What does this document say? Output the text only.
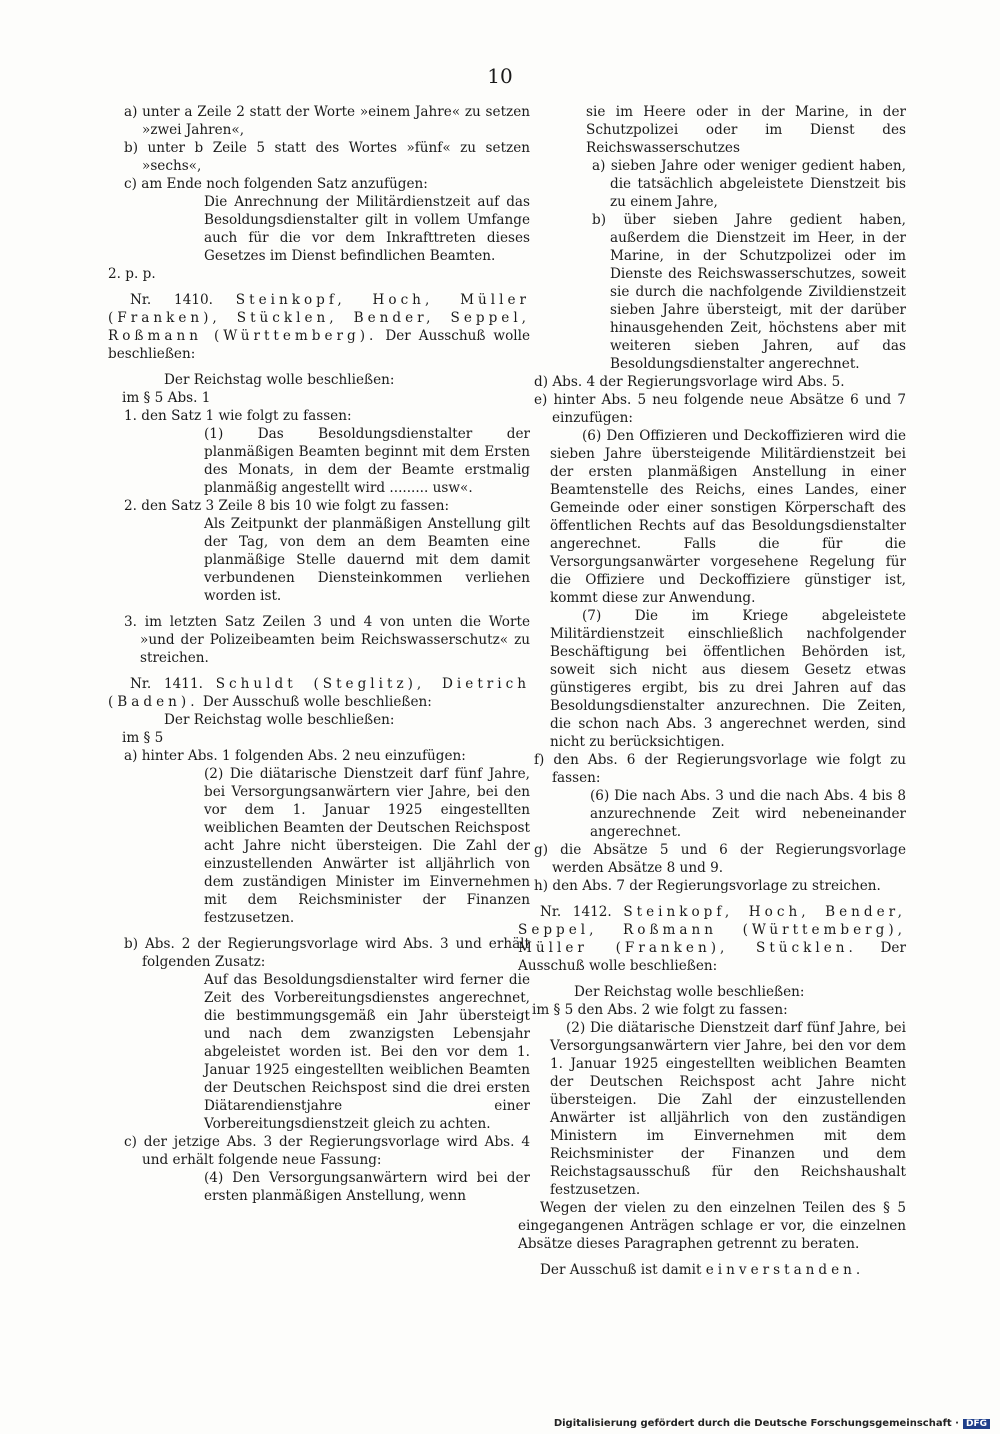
10

a) unter a Zeile 2 statt der Worte »einem Jahre« zu setzen »zwei Jahren«,

b) unter b Zeile 5 statt des Wortes »fünf« zu setzen »sechs«,

c) am Ende noch folgenden Satz anzufügen:

Die Anrechnung der Militärdienstzeit auf das Besoldungsdienstalter gilt in vollem Umfange auch für die vor dem Inkrafttreten dieses Gesetzes im Dienst befindlichen Beamten.

2. p. p.

Nr. 1410. Steinkopf, Hoch, Müller (Franken), Stücklen, Bender, Seppel, Roßmann (Württemberg). Der Ausschuß wolle beschließen:

Der Reichstag wolle beschließen:

im § 5 Abs. 1

1. den Satz 1 wie folgt zu fassen:

(1) Das Besoldungsdienstalter der planmäßigen Beamten beginnt mit dem Ersten des Monats, in dem der Beamte erstmalig planmäßig angestellt wird ......... usw«.

2. den Satz 3 Zeile 8 bis 10 wie folgt zu fassen:

Als Zeitpunkt der planmäßigen Anstellung gilt der Tag, von dem an dem Beamten eine planmäßige Stelle dauernd mit dem damit verbundenen Diensteinkommen verliehen worden ist.

3. im letzten Satz Zeilen 3 und 4 von unten die Worte »und der Polizeibeamten beim Reichswasserschutz« zu streichen.

Nr. 1411. Schuldt (Steglitz), Dietrich (Baden). Der Ausschuß wolle beschließen:

Der Reichstag wolle beschließen:

im § 5

a) hinter Abs. 1 folgenden Abs. 2 neu einzufügen:

(2) Die diätarische Dienstzeit darf fünf Jahre, bei Versorgungsanwärtern vier Jahre, bei den vor dem 1. Januar 1925 eingestellten weiblichen Beamten der Deutschen Reichspost acht Jahre nicht übersteigen. Die Zahl der einzustellenden Anwärter ist alljährlich von dem zuständigen Minister im Einvernehmen mit dem Reichsminister der Finanzen festzusetzen.

b) Abs. 2 der Regierungsvorlage wird Abs. 3 und erhält folgenden Zusatz:

Auf das Besoldungsdienstalter wird ferner die Zeit des Vorbereitungsdienstes angerechnet, die bestimmungsgemäß ein Jahr übersteigt und nach dem zwanzigsten Lebensjahr abgeleistet worden ist. Bei den vor dem 1. Januar 1925 eingestellten weiblichen Beamten der Deutschen Reichspost sind die drei ersten Diätarendienstjahre einer Vorbereitungsdienstzeit gleich zu achten.

c) der jetzige Abs. 3 der Regierungsvorlage wird Abs. 4 und erhält folgende neue Fassung:

(4) Den Versorgungsanwärtern wird bei der ersten planmäßigen Anstellung, wenn

sie im Heere oder in der Marine, in der Schutzpolizei oder im Dienst des Reichswasserschutzes

a) sieben Jahre oder weniger gedient haben, die tatsächlich abgeleistete Dienstzeit bis zu einem Jahre,

b) über sieben Jahre gedient haben, außerdem die Dienstzeit im Heer, in der Marine, in der Schutzpolizei oder im Dienste des Reichswasserschutzes, soweit sie durch die nachfolgende Zivildienstzeit sieben Jahre übersteigt, mit der darüber hinausgehenden Zeit, höchstens aber mit weiteren sieben Jahren, auf das Besoldungsdienstalter angerechnet.

d) Abs. 4 der Regierungsvorlage wird Abs. 5.

e) hinter Abs. 5 neu folgende neue Absätze 6 und 7 einzufügen:

(6) Den Offizieren und Deckoffizieren wird die sieben Jahre übersteigende Militärdienstzeit bei der ersten planmäßigen Anstellung in einer Beamtenstelle des Reichs, eines Landes, einer Gemeinde oder einer sonstigen Körperschaft des öffentlichen Rechts auf das Besoldungsdienstalter angerechnet. Falls die für die Versorgungsanwärter vorgesehene Regelung für die Offiziere und Deckoffiziere günstiger ist, kommt diese zur Anwendung.

(7) Die im Kriege abgeleistete Militärdienstzeit einschließlich nachfolgender Beschäftigung bei öffentlichen Behörden ist, soweit sich nicht aus diesem Gesetz etwas günstigeres ergibt, bis zu drei Jahren auf das Besoldungsdienstalter anzurechnen. Die Zeiten, die schon nach Abs. 3 angerechnet werden, sind nicht zu berücksichtigen.

f) den Abs. 6 der Regierungsvorlage wie folgt zu fassen:

(6) Die nach Abs. 3 und die nach Abs. 4 bis 8 anzurechnende Zeit wird nebeneinander angerechnet.

g) die Absätze 5 und 6 der Regierungsvorlage werden Absätze 8 und 9.

h) den Abs. 7 der Regierungsvorlage zu streichen.

Nr. 1412. Steinkopf, Hoch, Bender, Seppel, Roßmann (Württemberg), Müller (Franken), Stücklen. Der Ausschuß wolle beschließen:

Der Reichstag wolle beschließen:

im § 5 den Abs. 2 wie folgt zu fassen:

(2) Die diätarische Dienstzeit darf fünf Jahre, bei Versorgungsanwärtern vier Jahre, bei den vor dem 1. Januar 1925 eingestellten weiblichen Beamten der Deutschen Reichspost acht Jahre nicht übersteigen. Die Zahl der einzustellenden Anwärter ist alljährlich von den zuständigen Ministern im Einvernehmen mit dem Reichsminister der Finanzen und dem Reichstagsausschuß für den Reichshaushalt festzusetzen.

Wegen der vielen zu den einzelnen Teilen des § 5 eingegangenen Anträgen schlage er vor, die einzelnen Absätze dieses Paragraphen getrennt zu beraten.

Der Ausschuß ist damit einverstanden.

Digitalisierung gefördert durch die Deutsche Forschungsgemeinschaft · DFG
